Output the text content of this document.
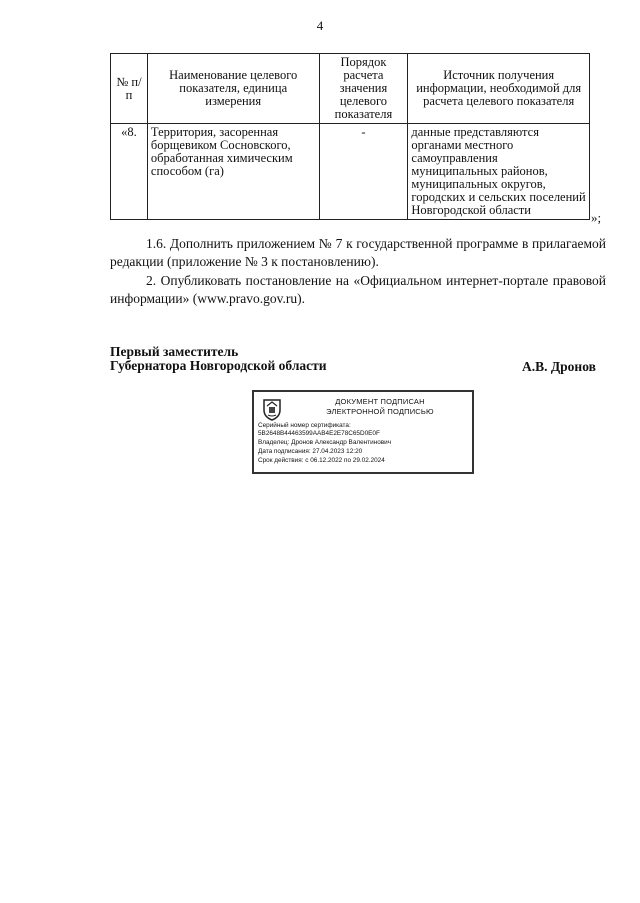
4
№ п/п	Наименование целевого показателя, единица измерения	Порядок расчета значения целевого показателя	Источник получения информации, необходимой для расчета целевого показателя
«8.	Территория, засоренная борщевиком Сосновского, обработанная химическим способом (га)	-	данные представляются органами местного самоуправления муниципальных районов, муниципальных округов, городских и сельских поселений Новгородской области	»;
1.6. Дополнить приложением № 7 к государственной программе в прилагаемой редакции (приложение № 3 к постановлению).
2. Опубликовать постановление на «Официальном интернет-портале правовой информации» (www.pravo.gov.ru).
Первый заместитель
Губернатора Новгородской области	А.В. Дронов
ДОКУМЕНТ ПОДПИСАН
ЭЛЕКТРОННОЙ ПОДПИСЬЮ
Серийный номер сертификата:
5B2648B44463599AAB4E2E78C65D0E0F
Владелец: Дронов Александр Валентинович
Дата подписания: 27.04.2023 12:20
Срок действия: с 06.12.2022 по 29.02.2024
